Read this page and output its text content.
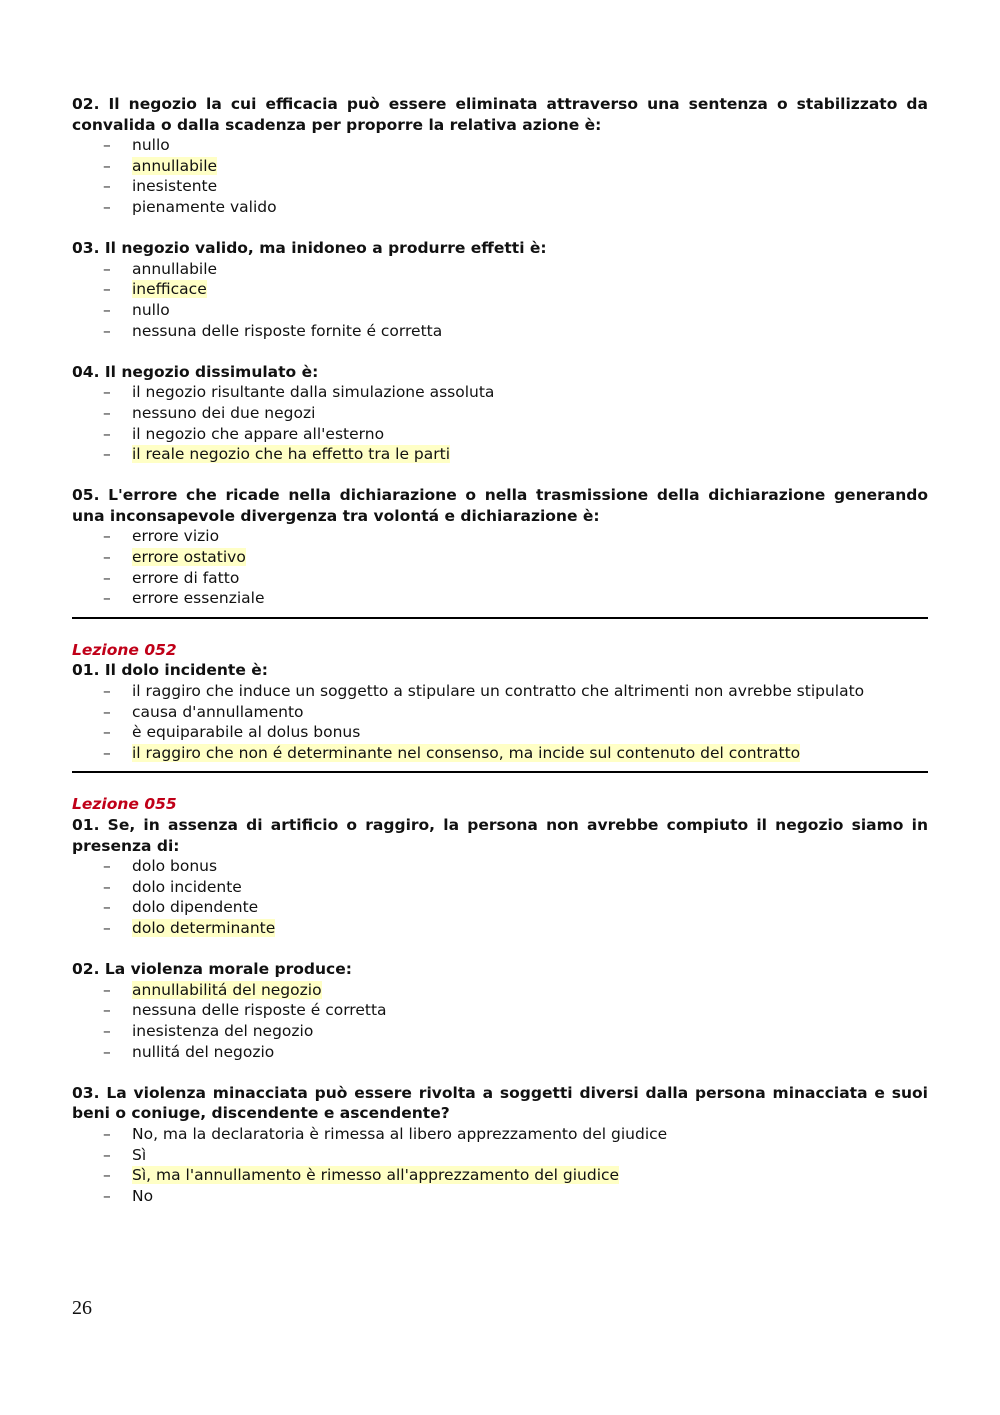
02. Il negozio la cui efficacia può essere eliminata attraverso una sentenza o stabilizzato da convalida o dalla scadenza per proporre la relativa azione è:
– nullo
– annullabile
– inesistente
– pienamente valido
03. Il negozio valido, ma inidoneo a produrre effetti è:
– annullabile
– inefficace
– nullo
– nessuna delle risposte fornite é corretta
04. Il negozio dissimulato è:
– il negozio risultante dalla simulazione assoluta
– nessuno dei due negozi
– il negozio che appare all'esterno
– il reale negozio che ha effetto tra le parti
05. L'errore che ricade nella dichiarazione o nella trasmissione della dichiarazione generando una inconsapevole divergenza tra volontá e dichiarazione è:
– errore vizio
– errore ostativo
– errore di fatto
– errore essenziale
Lezione 052
01. Il dolo incidente è:
– il raggiro che induce un soggetto a stipulare un contratto che altrimenti non avrebbe stipulato
– causa d'annullamento
– è equiparabile al dolus bonus
– il raggiro che non é determinante nel consenso, ma incide sul contenuto del contratto
Lezione 055
01. Se, in assenza di artificio o raggiro, la persona non avrebbe compiuto il negozio siamo in presenza di:
– dolo bonus
– dolo incidente
– dolo dipendente
– dolo determinante
02. La violenza morale produce:
– annullabilitá del negozio
– nessuna delle risposte é corretta
– inesistenza del negozio
– nullitá del negozio
03. La violenza minacciata può essere rivolta a soggetti diversi dalla persona minacciata e suoi beni o coniuge, discendente e ascendente?
– No, ma la declaratoria è rimessa al libero apprezzamento del giudice
– Sì
– Sì, ma l'annullamento è rimesso all'apprezzamento del giudice
– No
26
